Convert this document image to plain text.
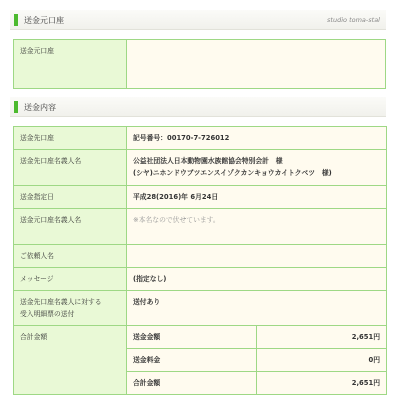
送金元口座	studio toma-stal
送金元口座	
送金内容
送金先口座	記号番号：00170-7-726012	
送金先口座名義人名	公益社団法人日本動物園水族館協会特別会計　様
(シヤ)ニホンドウブツエンスイゾクカンキョウカイトクベツ　様)	

送金指定日	平成28(2016)年 6月24日	
送金元口座名義人名	※本名なので伏せています。	
ご依頼人名		
メッセージ	(指定なし)	

送金先口座名義人に対する
受入明細票の送付	送付あり	
合計金額	送金金額	2,651円
	送金料金	0円
	合計金額	2,651円
